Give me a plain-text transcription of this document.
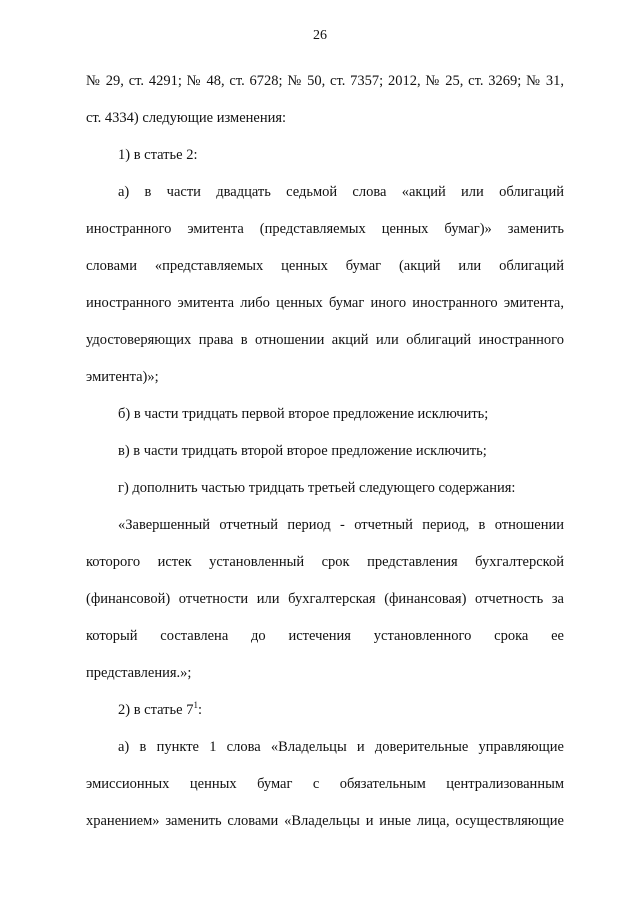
26
№ 29, ст. 4291; № 48, ст. 6728; № 50, ст. 7357; 2012, № 25, ст. 3269; № 31,
ст. 4334) следующие изменения:
1) в статье 2:
а) в части двадцать седьмой слова «акций или облигаций
иностранного эмитента (представляемых ценных бумаг)» заменить
словами «представляемых ценных бумаг (акций или облигаций
иностранного эмитента либо ценных бумаг иного иностранного эмитента,
удостоверяющих права в отношении акций или облигаций иностранного
эмитента)»;
б) в части тридцать первой второе предложение исключить;
в) в части тридцать второй второе предложение исключить;
г) дополнить частью тридцать третьей следующего содержания:
«Завершенный отчетный период - отчетный период, в отношении
которого истек установленный срок представления бухгалтерской
(финансовой) отчетности или бухгалтерская (финансовая) отчетность за
который составлена до истечения установленного срока ее
представления.»;
2) в статье $7^1$:
а) в пункте 1 слова «Владельцы и доверительные управляющие
эмиссионных ценных бумаг с обязательным централизованным
хранением» заменить словами «Владельцы и иные лица, осуществляющие
